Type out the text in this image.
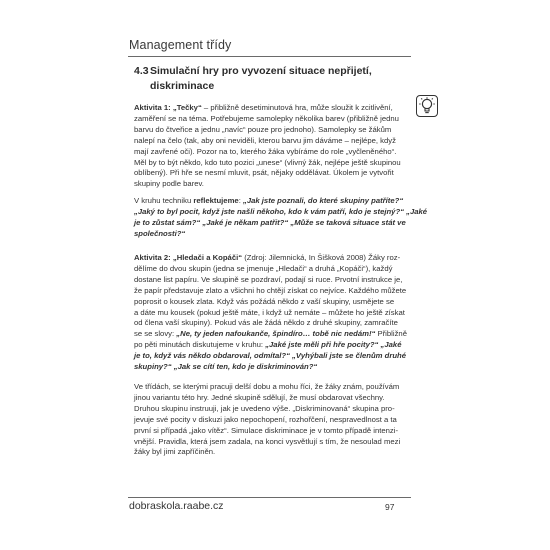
Management třídy
4.3Simulační hry pro vyvození situace nepřijetí,
diskriminace
Aktivita 1: „Tečky“ – přibližně desetiminutová hra, může sloužit k zcitlivění,
zaměření se na téma. Potřebujeme samolepky několika barev (přibližně jednu
barvu do čtveřice a jednu „navíc“ pouze pro jednoho). Samolepky se žákům
nalepí na čelo (tak, aby oni neviděli, kterou barvu jim dáváme – nejlépe, když
mají zavřené oči). Pozor na to, kterého žáka vybíráme do role „vyčleněného“.
Měl by to být někdo, kdo tuto pozici „unese“ (vlivný žák, nejlépe ještě skupinou
oblíbený). Při hře se nesmí mluvit, psát, nějaky oddělávat. Úkolem je vytvořit
skupiny podle barev.
V kruhu techniku reflektujeme: „Jak jste poznali, do které skupiny patříte?“
„Jaký to byl pocit, když jste našli někoho, kdo k vám patří, kdo je stejný?“ „Jaké
je to zůstat sám?“ „Jaké je někam patřit?“ „Může se taková situace stát ve
společnosti?“
Aktivita 2: „Hledači a Kopáči“ (Zdroj: Jilemnická, In Šišková 2008) Žáky roz-
dělíme do dvou skupin (jedna se jmenuje „Hledači“ a druhá „Kopáči“), každý
dostane list papíru. Ve skupině se pozdraví, podají si ruce. Prvotní instrukce je,
že papír představuje zlato a všichni ho chtějí získat co nejvíce. Každého můžete
poprosit o kousek zlata. Když vás požádá někdo z vaší skupiny, usmějete se
a dáte mu kousek (pokud ještě máte, i když už nemáte – můžete ho ještě získat
od člena vaší skupiny). Pokud vás ale žádá někdo z druhé skupiny, zamračíte
se se slovy: „Ne, ty jeden nafoukanče, špindíro… tobě nic nedám!“ Přibližně
po pěti minutách diskutujeme v kruhu: „Jaké jste měli při hře pocity?“ „Jaké
je to, když vás někdo obdaroval, odmítal?“ „Vyhýbali jste se členům druhé
skupiny?“ „Jak se cítí ten, kdo je diskriminován?“
Ve třídách, se kterými pracuji delší dobu a mohu říci, že žáky znám, používám
jinou variantu této hry. Jedné skupině sdělují, že musí obdarovat všechny.
Druhou skupinu instruuji, jak je uvedeno výše. „Diskriminovaná“ skupina pro-
jevuje své pocity v diskuzi jako nepochopení, rozhořčení, nespravedlnost a ta
první si případá „jako vítěz“. Simulace diskriminace je v tomto případě intenzi-
vnější. Pravidla, která jsem zadala, na konci vysvětlují s tím, že nesoulad mezi
žáky byl jimi zapříčiněn.
dobraskola.raabe.cz	97
